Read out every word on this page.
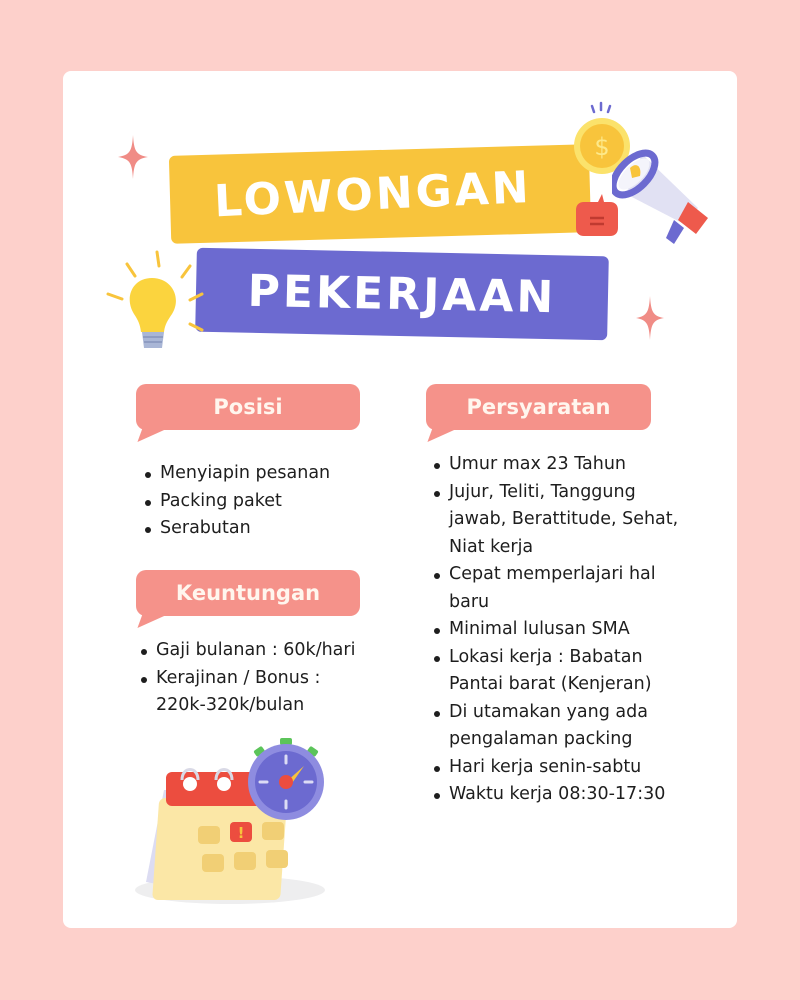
LOWONGAN
PEKERJAAN
$
Posisi
Menyiapin pesanan
Packing paket
Serabutan
Keuntungan
Gaji bulanan : 60k/hari
Kerajinan / Bonus : 220k-320k/bulan
Persyaratan
Umur max 23 Tahun
Jujur, Teliti, Tanggung jawab, Berattitude, Sehat, Niat kerja
Cepat memperlajari hal baru
Minimal lulusan SMA
Lokasi kerja : Babatan Pantai barat (Kenjeran)
Di utamakan yang ada pengalaman packing
Hari kerja senin-sabtu
Waktu kerja 08:30-17:30
!
